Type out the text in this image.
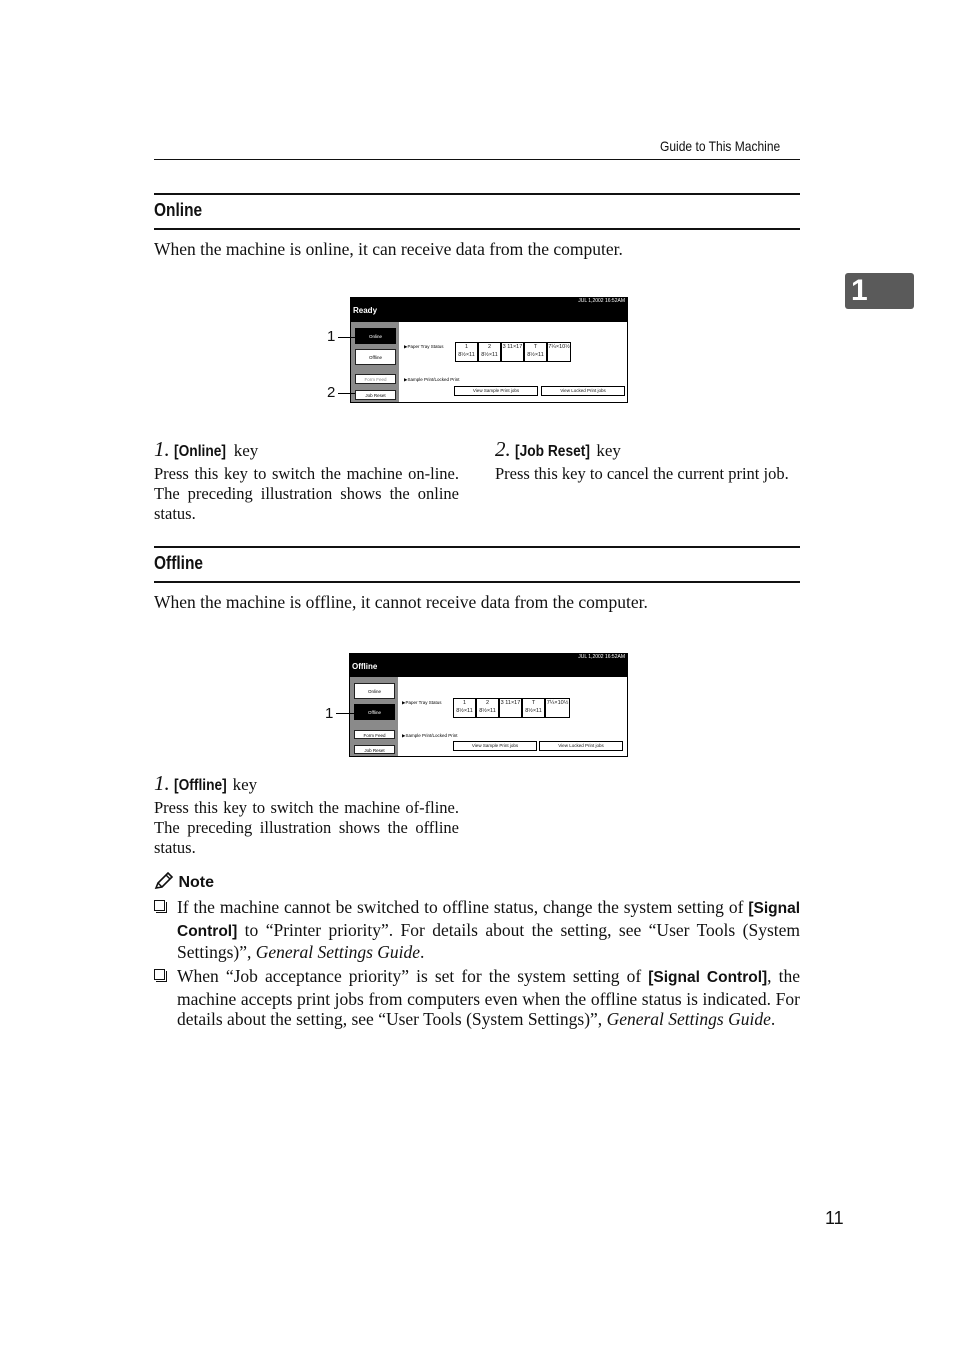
Guide to This Machine
1
Online
When the machine is online, it can receive data from the computer.
Ready
JUL 1,2002 16:52AM
Online
Offline
Form Feed
Job Reset
▶Paper Tray Status	1 8½×11
2 8½×11
3 11×17	T 8½×11
7¼×10½
▶Sample Print/Locked Print
View Sample Print jobs	View Locked Print jobs
1
2
1. [Online] key
Press this key to switch the machine on-line. The preceding illustration shows the online status.
2. [Job Reset] key
Press this key to cancel the current print job.
Offline
When the machine is offline, it cannot receive data from the computer.
Offline
JUL 1,2002 16:52AM
Online
Offline
Form Feed
Job Reset
▶Paper Tray Status	1 8½×11
2 8½×11
3 11×17	T 8½×11
7¼×10½
▶Sample Print/Locked Print
View Sample Print jobs	View Locked Print jobs
1
1. [Offline] key
Press this key to switch the machine of-fline. The preceding illustration shows the offline status.
Note
If the machine cannot be switched to offline status, change the system setting of [Signal Control] to “Printer priority”. For details about the setting, see “User Tools (System Settings)”, General Settings Guide.
When “Job acceptance priority” is set for the system setting of [Signal Control], the machine accepts print jobs from computers even when the offline status is indicated. For details about the setting, see “User Tools (System Settings)”, General Settings Guide.
11
